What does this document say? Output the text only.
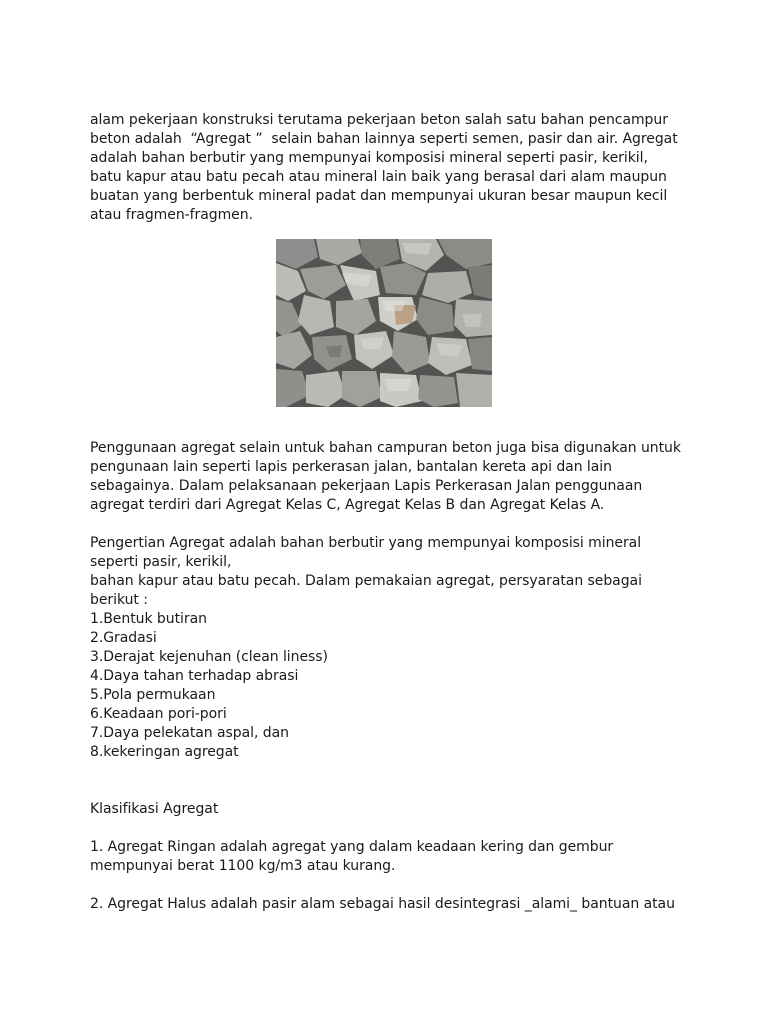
alam pekerjaan konstruksi terutama pekerjaan beton salah satu bahan pencampur
beton adalah  “Agregat ”  selain bahan lainnya seperti semen, pasir dan air. Agregat
adalah bahan berbutir yang mempunyai komposisi mineral seperti pasir, kerikil,
batu kapur atau batu pecah atau mineral lain baik yang berasal dari alam maupun
buatan yang berbentuk mineral padat dan mempunyai ukuran besar maupun kecil
atau fragmen-fragmen.
Penggunaan agregat selain untuk bahan campuran beton juga bisa digunakan untuk
pengunaan lain seperti lapis perkerasan jalan, bantalan kereta api dan lain
sebagainya. Dalam pelaksanaan pekerjaan Lapis Perkerasan Jalan penggunaan
agregat terdiri dari Agregat Kelas C, Agregat Kelas B dan Agregat Kelas A.
Pengertian Agregat adalah bahan berbutir yang mempunyai komposisi mineral
seperti pasir, kerikil,
bahan kapur atau batu pecah. Dalam pemakaian agregat, persyaratan sebagai
berikut :
1.Bentuk butiran
2.Gradasi
3.Derajat kejenuhan (clean liness)
4.Daya tahan terhadap abrasi
5.Pola permukaan
6.Keadaan pori-pori
7.Daya pelekatan aspal, dan
8.kekeringan agregat
Klasifikasi Agregat
1. Agregat Ringan adalah agregat yang dalam keadaan kering dan gembur
mempunyai berat 1100 kg/m3 atau kurang.
2. Agregat Halus adalah pasir alam sebagai hasil desintegrasi _alami_ bantuan atau
